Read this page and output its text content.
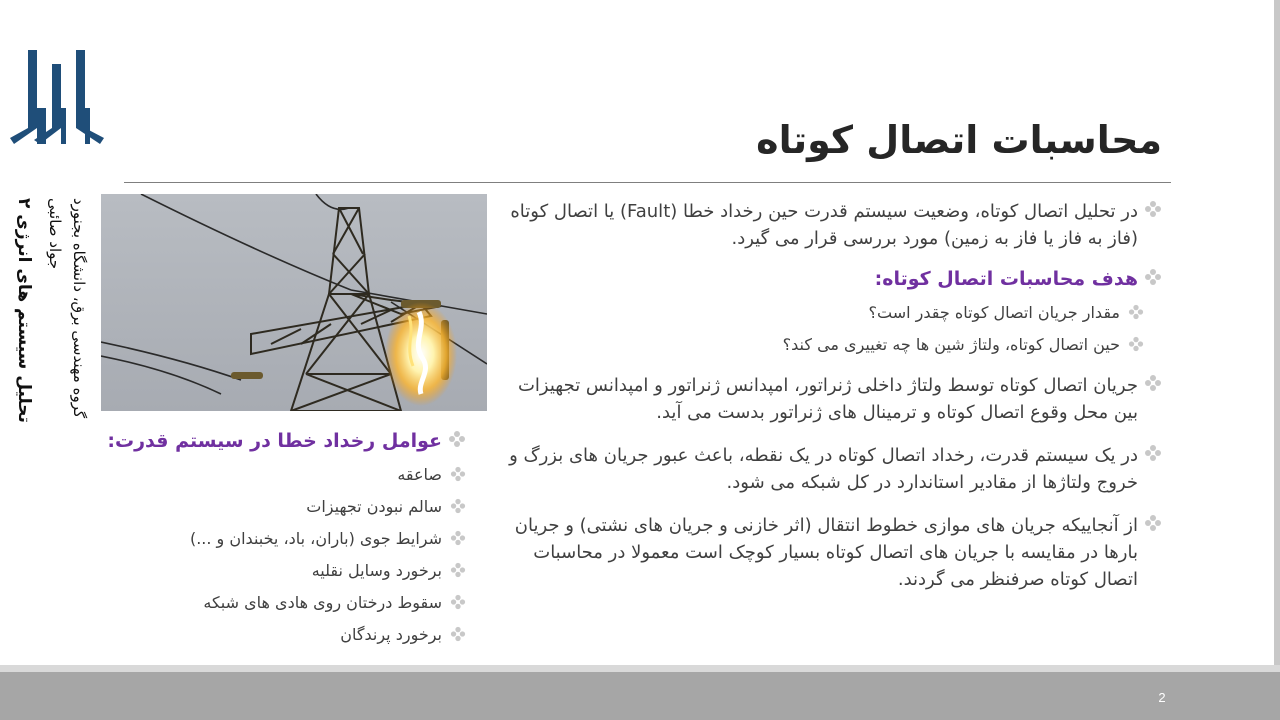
محاسبات اتصال کوتاه
تحلیل سیستم های انرژی ۲ جواد صائبی گروه مهندسی برق، دانشگاه بجنورد	در تحلیل اتصال کوتاه، وضعیت سیستم قدرت حین رخداد خطا (Fault) یا اتصال کوتاه (فاز به فاز یا فاز به زمین) مورد بررسی قرار می گیرد.
هدف محاسبات اتصال کوتاه:
مقدار جریان اتصال کوتاه چقدر است؟
حین اتصال کوتاه، ولتاژ شین ها چه تغییری می کند؟
جریان اتصال کوتاه توسط ولتاژ داخلی ژنراتور، امپدانس ژنراتور و امپدانس تجهیزات بین محل وقوع اتصال کوتاه و ترمینال های ژنراتور بدست می آید.
در یک سیستم قدرت، رخداد اتصال کوتاه در یک نقطه، باعث عبور جریان های بزرگ و خروج ولتاژها از مقادیر استاندارد در کل شبکه می شود.
از آنجاییکه جریان های موازی خطوط انتقال (اثر خازنی و جریان های نشتی) و جریان بارها در مقایسه با جریان های اتصال کوتاه بسیار کوچک است معمولا در محاسبات اتصال کوتاه صرفنظر می گردند.
عوامل رخداد خطا در سیستم قدرت:
صاعقه
سالم نبودن تجهیزات
شرایط جوی (باران، باد، یخبندان و ...)
برخورد وسایل نقلیه
سقوط درختان روی هادی های شبکه
برخورد پرندگان
2
